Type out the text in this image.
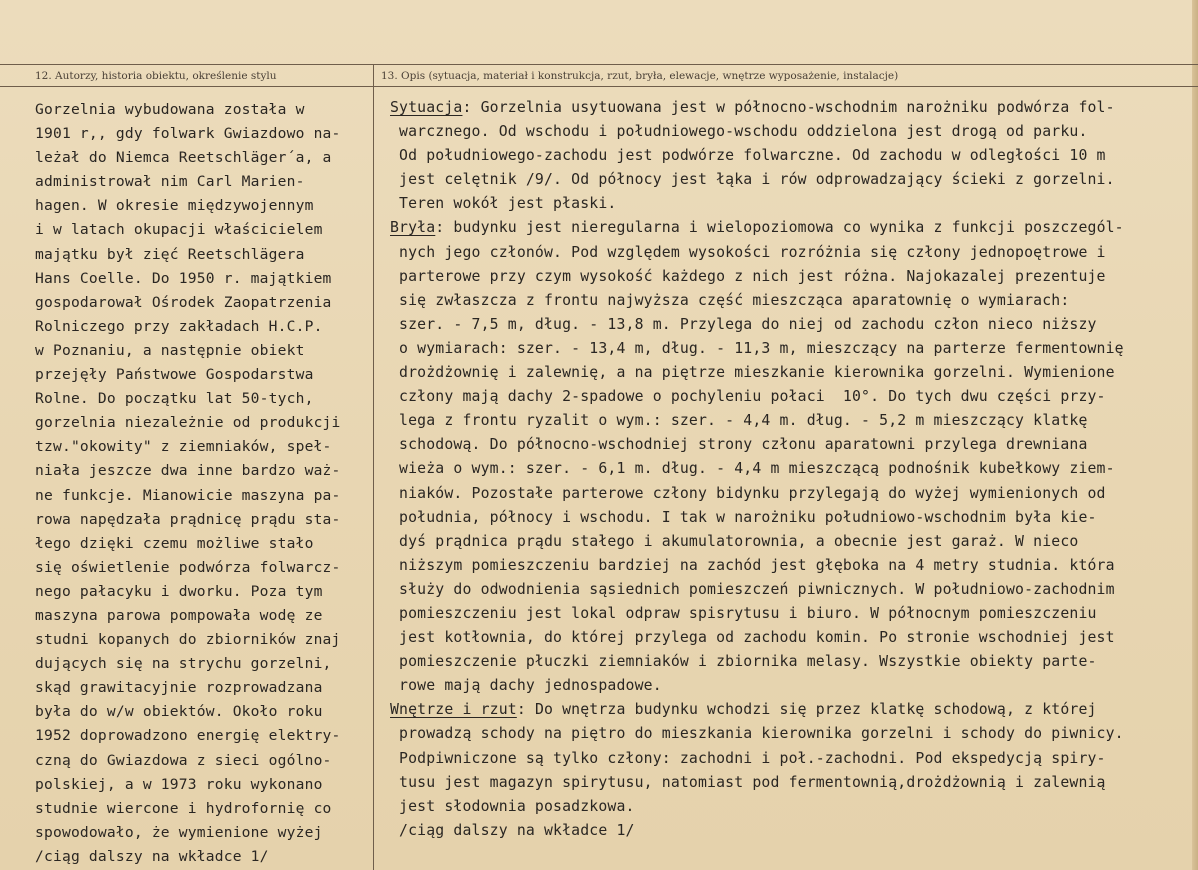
12. Autorzy, historia obiektu, określenie stylu	13. Opis (sytuacja, materiał i konstrukcja, rzut, bryła, elewacje, wnętrze wyposażenie, instalacje)
Gorzelnia wybudowana została w
1901 r,, gdy folwark Gwiazdowo na-
leżał do Niemca Reetschläger´a, a
administrował nim Carl Marien-
hagen. W okresie międzywojennym
i w latach okupacji właścicielem
majątku był zięć Reetschlägera
Hans Coelle. Do 1950 r. majątkiem
gospodarował Ośrodek Zaopatrzenia
Rolniczego przy zakładach H.C.P.
w Poznaniu, a następnie obiekt
przejęły Państwowe Gospodarstwa
Rolne. Do początku lat 50-tych,
gorzelnia niezależnie od produkcji
tzw."okowity" z ziemniaków, speł-
niała jeszcze dwa inne bardzo waż-
ne funkcje. Mianowicie maszyna pa-
rowa napędzała prądnicę prądu sta-
łego dzięki czemu możliwe stało
się oświetlenie podwórza folwarcz-
nego pałacyku i dworku. Poza tym
maszyna parowa pompowała wodę ze
studni kopanych do zbiorników znaj
dujących się na strychu gorzelni,
skąd grawitacyjnie rozprowadzana
była do w/w obiektów. Około roku
1952 doprowadzono energię elektry-
czną do Gwiazdowa z sieci ogólno-
polskiej, a w 1973 roku wykonano
studnie wiercone i hydrofornię co
spowodowało, że wymienione wyżej
/ciąg dalszy na wkładce 1/
Sytuacja: Gorzelnia usytuowana jest w północno-wschodnim narożniku podwórza fol-
warcznego. Od wschodu i południowego-wschodu oddzielona jest drogą od parku.
Od południowego-zachodu jest podwórze folwarczne. Od zachodu w odległości 10 m
jest celętnik /9/. Od północy jest łąka i rów odprowadzający ścieki z gorzelni.
Teren wokół jest płaski.
Bryła: budynku jest nieregularna i wielopoziomowa co wynika z funkcji poszczegól-
nych jego członów. Pod względem wysokości rozróżnia się człony jednopoętrowe i
parterowe przy czym wysokość każdego z nich jest różna. Najokazalej prezentuje
się zwłaszcza z frontu najwyższa część mieszcząca aparatownię o wymiarach:
szer. - 7,5 m, dług. - 13,8 m. Przylega do niej od zachodu człon nieco niższy
o wymiarach: szer. - 13,4 m, dług. - 11,3 m, mieszczący na parterze fermentownię
drożdżownię i zalewnię, a na piętrze mieszkanie kierownika gorzelni. Wymienione
człony mają dachy 2-spadowe o pochyleniu połaci  10°. Do tych dwu części przy-
lega z frontu ryzalit o wym.: szer. - 4,4 m. dług. - 5,2 m mieszczący klatkę
schodową. Do północno-wschodniej strony członu aparatowni przylega drewniana
wieża o wym.: szer. - 6,1 m. dług. - 4,4 m mieszczącą podnośnik kubełkowy ziem-
niaków. Pozostałe parterowe człony bidynku przylegają do wyżej wymienionych od
południa, północy i wschodu. I tak w narożniku południowo-wschodnim była kie-
dyś prądnica prądu stałego i akumulatorownia, a obecnie jest garaż. W nieco
niższym pomieszczeniu bardziej na zachód jest głęboka na 4 metry studnia. która
służy do odwodnienia sąsiednich pomieszczeń piwnicznych. W południowo-zachodnim
pomieszczeniu jest lokal odpraw spisrytusu i biuro. W północnym pomieszczeniu
jest kotłownia, do której przylega od zachodu komin. Po stronie wschodniej jest
pomieszczenie płuczki ziemniaków i zbiornika melasy. Wszystkie obiekty parte-
rowe mają dachy jednospadowe.
Wnętrze i rzut: Do wnętrza budynku wchodzi się przez klatkę schodową, z której
prowadzą schody na piętro do mieszkania kierownika gorzelni i schody do piwnicy.
Podpiwniczone są tylko człony: zachodni i poł.-zachodni. Pod ekspedycją spiry-
tusu jest magazyn spirytusu, natomiast pod fermentownią,drożdżownią i zalewnią
jest słodownia posadzkowa.
/ciąg dalszy na wkładce 1/
